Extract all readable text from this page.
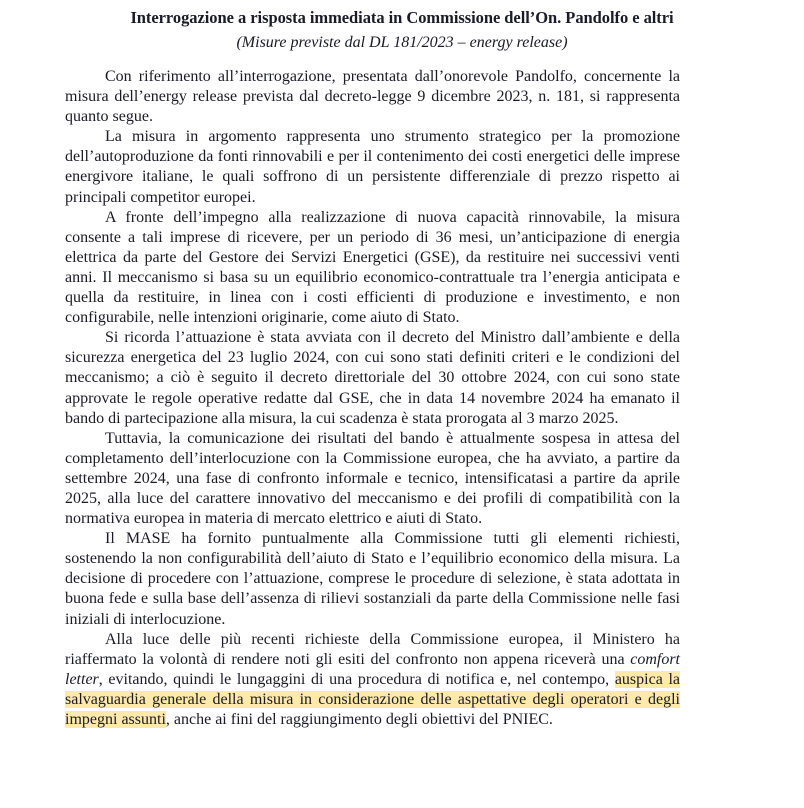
Interrogazione a risposta immediata in Commissione dell’On. Pandolfo e altri
(Misure previste dal DL 181/2023 – energy release)

Con riferimento all’interrogazione, presentata dall’onorevole Pandolfo, concernente la misura dell’energy release prevista dal decreto-legge 9 dicembre 2023, n. 181, si rappresenta quanto segue.

La misura in argomento rappresenta uno strumento strategico per la promozione dell’autoproduzione da fonti rinnovabili e per il contenimento dei costi energetici delle imprese energivore italiane, le quali soffrono di un persistente differenziale di prezzo rispetto ai principali competitor europei.

A fronte dell’impegno alla realizzazione di nuova capacità rinnovabile, la misura consente a tali imprese di ricevere, per un periodo di 36 mesi, un’anticipazione di energia elettrica da parte del Gestore dei Servizi Energetici (GSE), da restituire nei successivi venti anni. Il meccanismo si basa su un equilibrio economico-contrattuale tra l’energia anticipata e quella da restituire, in linea con i costi efficienti di produzione e investimento, e non configurabile, nelle intenzioni originarie, come aiuto di Stato.

Si ricorda l’attuazione è stata avviata con il decreto del Ministro dall’ambiente e della sicurezza energetica del 23 luglio 2024, con cui sono stati definiti criteri e le condizioni del meccanismo; a ciò è seguito il decreto direttoriale del 30 ottobre 2024, con cui sono state approvate le regole operative redatte dal GSE, che in data 14 novembre 2024 ha emanato il bando di partecipazione alla misura, la cui scadenza è stata prorogata al 3 marzo 2025.

Tuttavia, la comunicazione dei risultati del bando è attualmente sospesa in attesa del completamento dell’interlocuzione con la Commissione europea, che ha avviato, a partire da settembre 2024, una fase di confronto informale e tecnico, intensificatasi a partire da aprile 2025, alla luce del carattere innovativo del meccanismo e dei profili di compatibilità con la normativa europea in materia di mercato elettrico e aiuti di Stato.

Il MASE ha fornito puntualmente alla Commissione tutti gli elementi richiesti, sostenendo la non configurabilità dell’aiuto di Stato e l’equilibrio economico della misura. La decisione di procedere con l’attuazione, comprese le procedure di selezione, è stata adottata in buona fede e sulla base dell’assenza di rilievi sostanziali da parte della Commissione nelle fasi iniziali di interlocuzione.

Alla luce delle più recenti richieste della Commissione europea, il Ministero ha riaffermato la volontà di rendere noti gli esiti del confronto non appena riceverà una comfort letter, evitando, quindi le lungaggini di una procedura di notifica e, nel contempo, auspica la salvaguardia generale della misura in considerazione delle aspettative degli operatori e degli impegni assunti, anche ai fini del raggiungimento degli obiettivi del PNIEC.
